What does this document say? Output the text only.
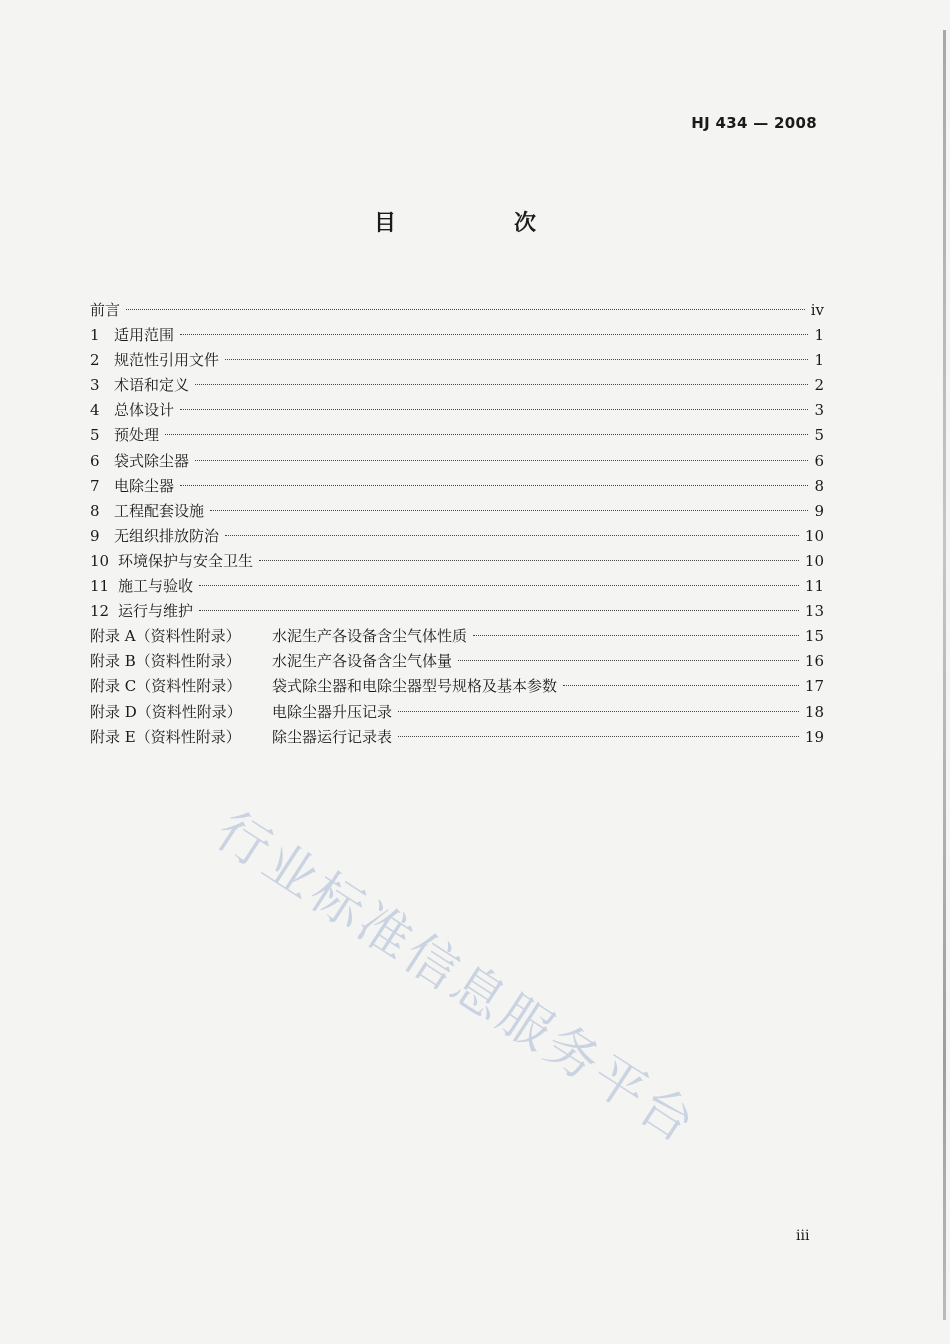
HJ 434 — 2008
目　次
前言	iv
1 适用范围	1
2 规范性引用文件	1
3 术语和定义	2
4 总体设计	3
5 预处理	5
6 袋式除尘器	6
7 电除尘器	8
8 工程配套设施	9
9 无组织排放防治	10
10 环境保护与安全卫生	10
11 施工与验收	11
12 运行与维护	13
附录 A（资料性附录）	水泥生产各设备含尘气体性质	15
附录 B（资料性附录）	水泥生产各设备含尘气体量	16
附录 C（资料性附录）	袋式除尘器和电除尘器型号规格及基本参数	17
附录 D（资料性附录）	电除尘器升压记录	18
附录 E（资料性附录）	除尘器运行记录表	19
行业标准信息服务平台
iii
